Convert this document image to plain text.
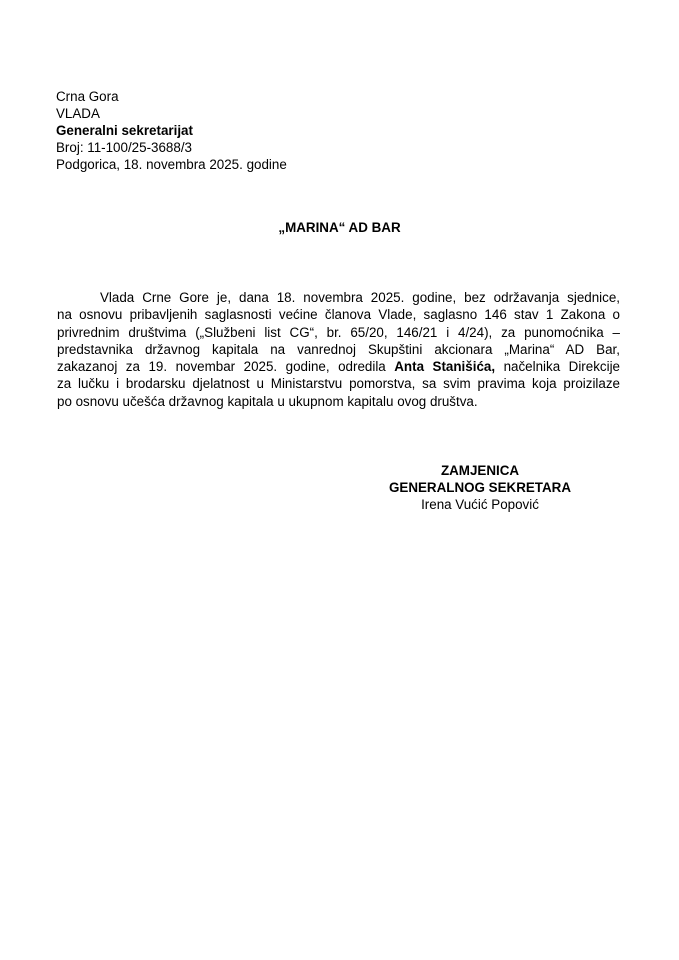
Crna Gora
VLADA
Generalni sekretarijat
Broj: 11-100/25-3688/3
Podgorica, 18. novembra 2025. godine
„MARINA“ AD BAR
Vlada Crne Gore je, dana 18. novembra 2025. godine, bez održavanja sjednice,
na osnovu pribavljenih saglasnosti većine članova Vlade, saglasno 146 stav 1 Zakona o
privrednim društvima („Službeni list CG“, br. 65/20, 146/21 i 4/24), za punomoćnika –
predstavnika državnog kapitala na vanrednoj Skupštini akcionara „Marina“ AD Bar,
zakazanoj za 19. novembar 2025. godine, odredila Anta Stanišića, načelnika Direkcije
za lučku i brodarsku djelatnost u Ministarstvu pomorstva, sa svim pravima koja proizilaze
po osnovu učešća državnog kapitala u ukupnom kapitalu ovog društva.
ZAMJENICA
GENERALNOG SEKRETARA
Irena Vućić Popović
